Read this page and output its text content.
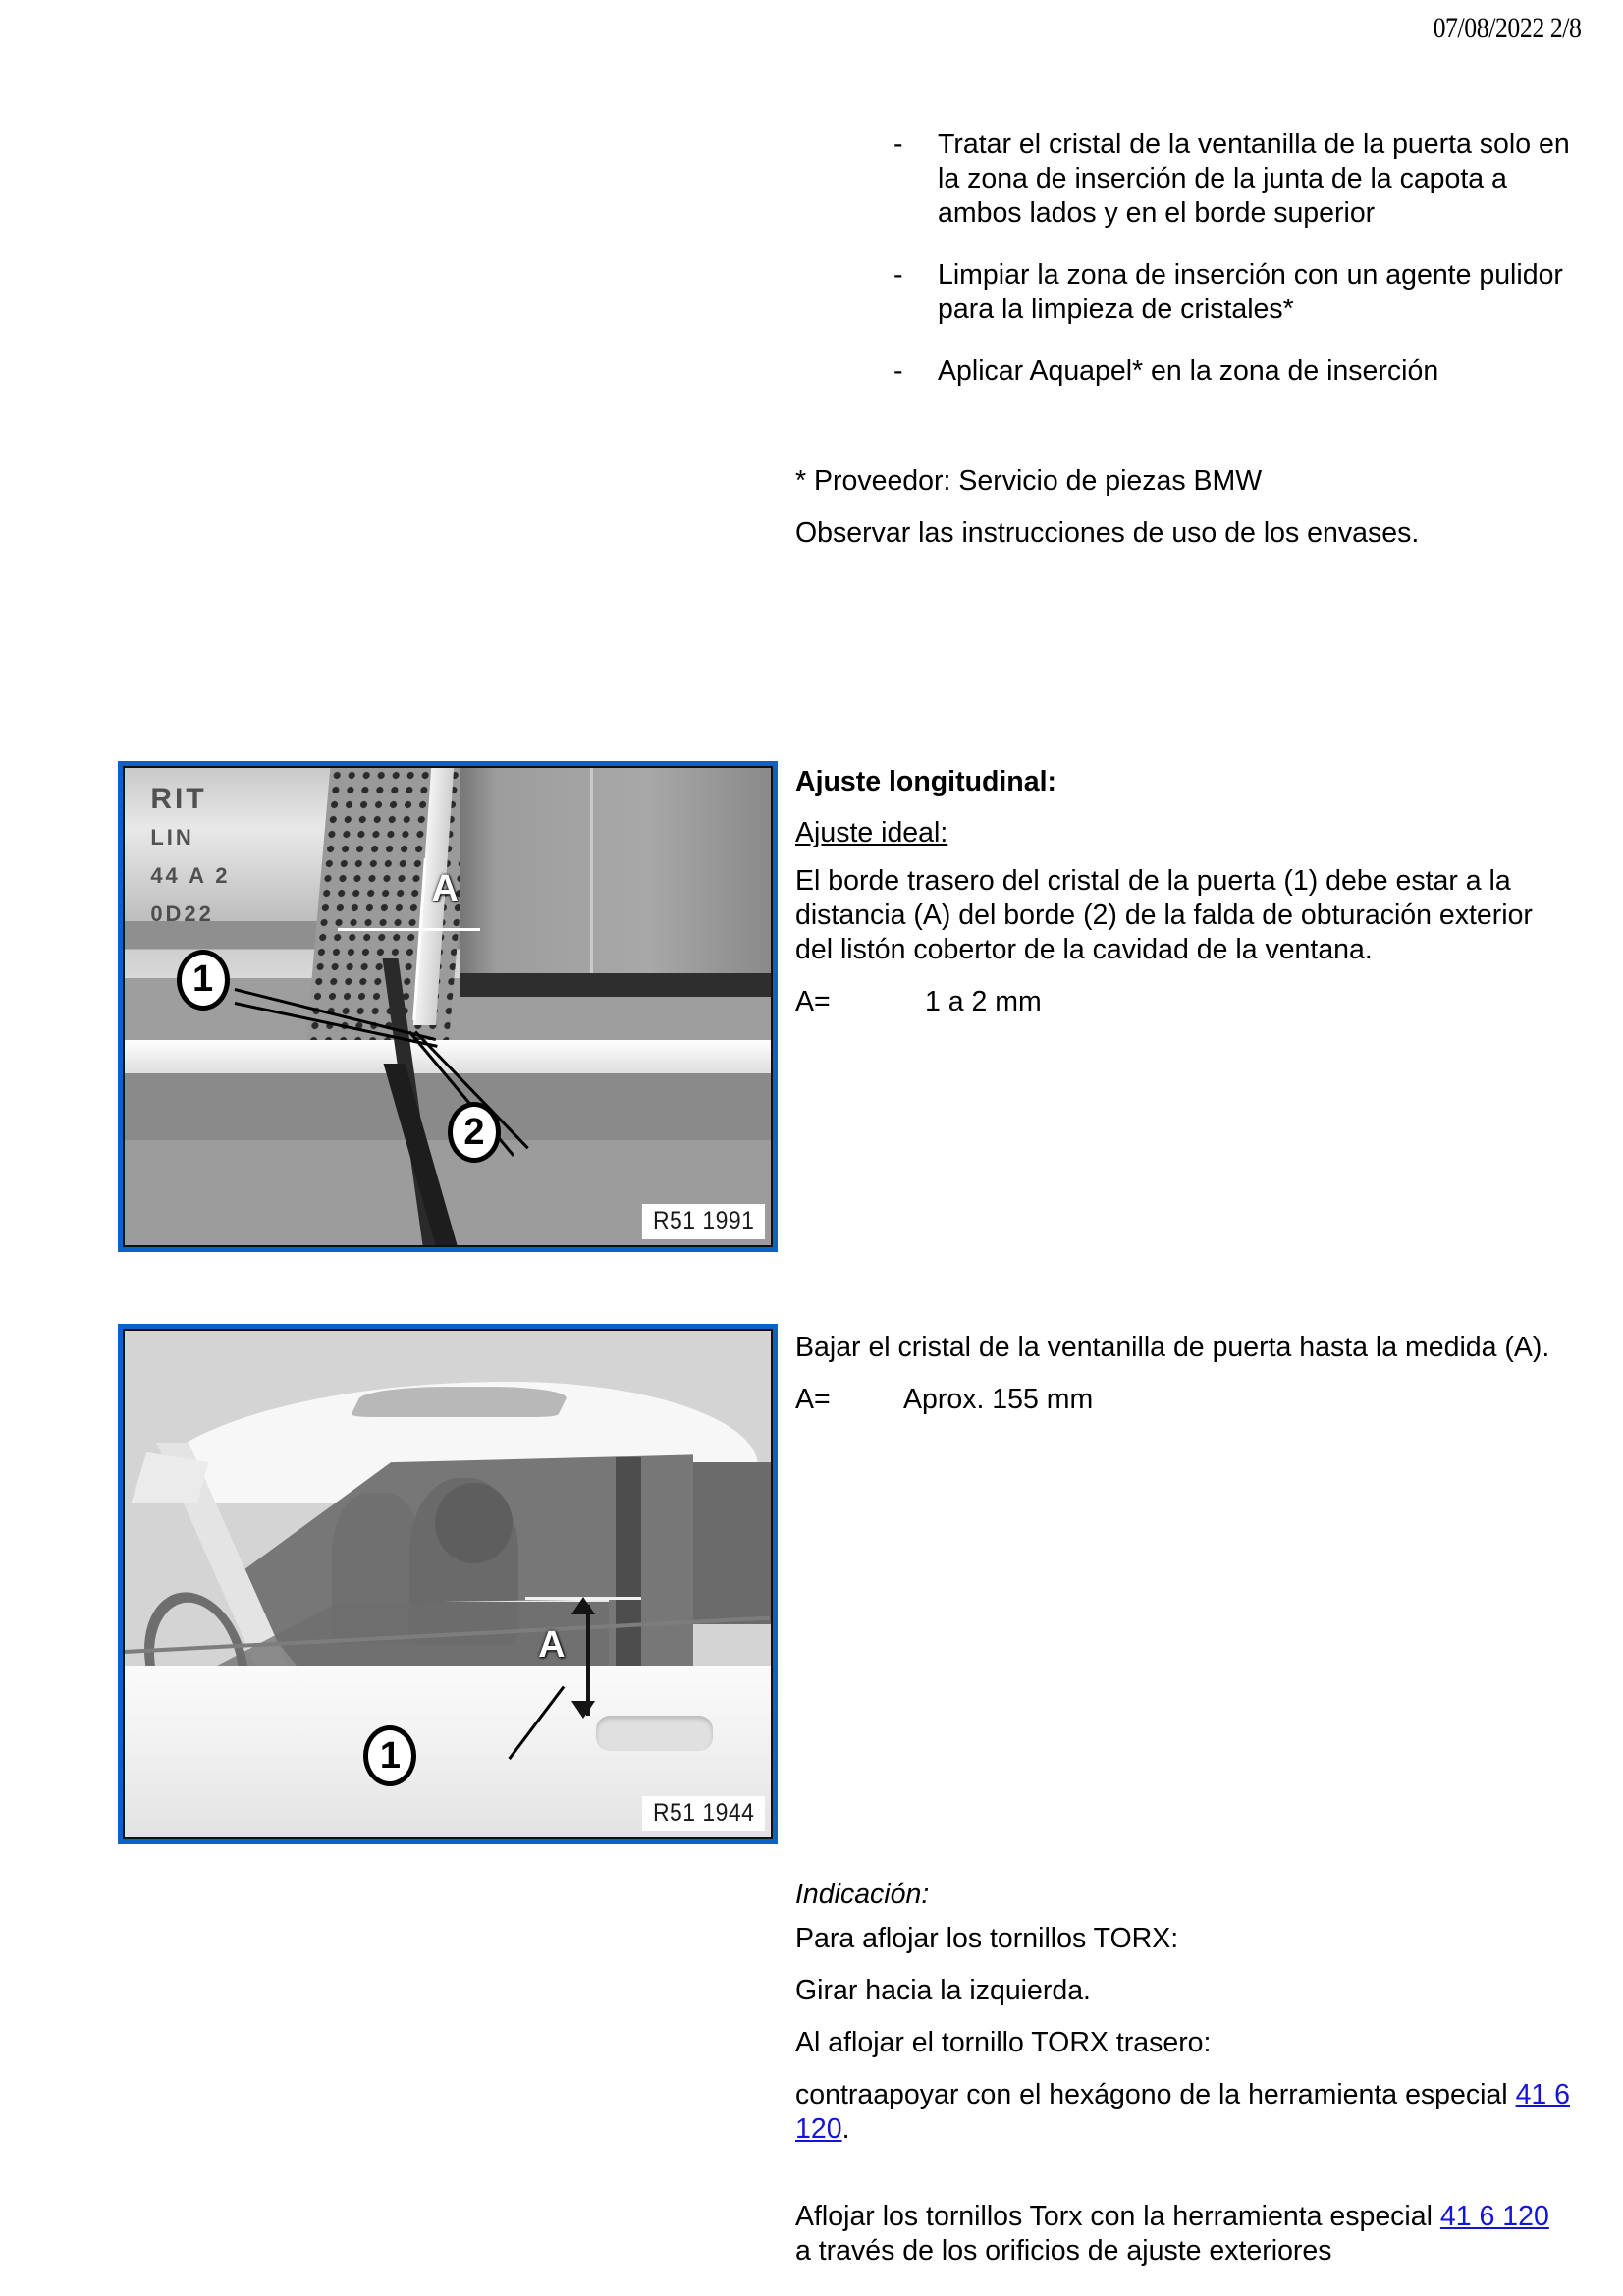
07/08/2022 2/8
-	Tratar el cristal de la ventanilla de la puerta solo en la zona de inserción de la junta de la capota a ambos lados y en el borde superior
-	Limpiar la zona de inserción con un agente pulidor para la limpieza de cristales*
-	Aplicar Aquapel* en la zona de inserción

* Proveedor: Servicio de piezas BMW

Observar las instrucciones de uso de los envases.

RIT
LIN
44 A 2
0D22
1
2
A
R51 1991

Ajuste longitudinal:

Ajuste ideal:

El borde trasero del cristal de la puerta (1) debe estar a la distancia (A) del borde (2) de la falda de obturación exterior del listón cobertor de la cavidad de la ventana.

A=	1 a 2 mm
A
1
R51 1944

Bajar el cristal de la ventanilla de puerta hasta la medida (A).

A=	Aprox. 155 mm

Indicación:

Para aflojar los tornillos TORX:

Girar hacia la izquierda.

Al aflojar el tornillo TORX trasero:

contraapoyar con el hexágono de la herramienta especial 41 6 120.

Aflojar los tornillos Torx con la herramienta especial 41 6 120 a través de los orificios de ajuste exteriores
